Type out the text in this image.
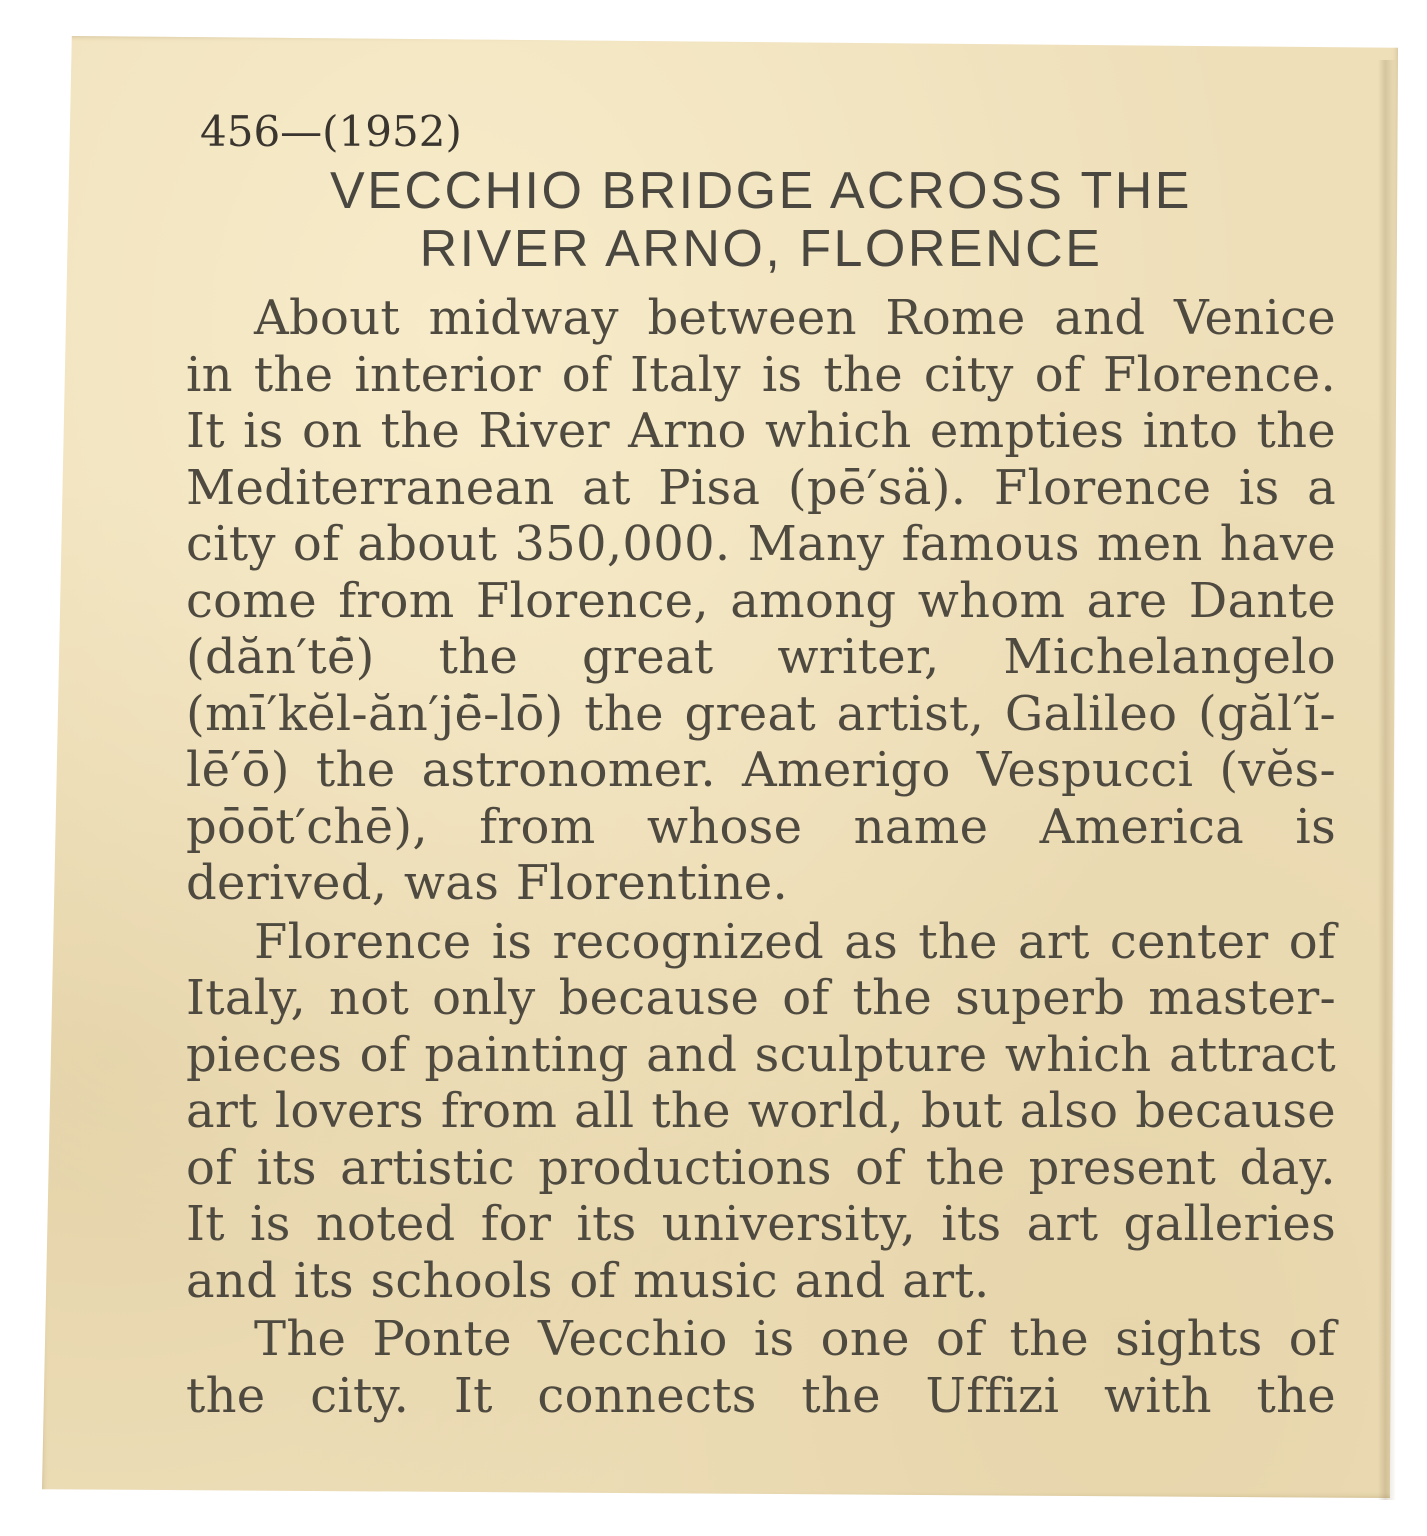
456—(1952)
VECCHIO BRIDGE ACROSS THE
RIVER ARNO, FLORENCE

About midway between Rome and Venice in the interior of Italy is the city of Florence. It is on the River Arno which empties into the Mediterranean at Pisa (pē′sä). Florence is a city of about 350,000. Many famous men have come from Florence, among whom are Dante (dăn′tė̄) the great writer, Michelangelo (mī′kĕl-ăn′jė̄-lō) the great artist, Galileo (găl′ĭ-lē′ō) the astronomer. Amerigo Vespucci (vĕs-pōōt′chē), from whose name America is derived, was Florentine.

Florence is recognized as the art center of Italy, not only because of the superb master-pieces of painting and sculpture which attract art lovers from all the world, but also because of its artistic productions of the present day. It is noted for its university, its art galleries and its schools of music and art.

The Ponte Vecchio is one of the sights of the city. It connects the Uffizi with the
